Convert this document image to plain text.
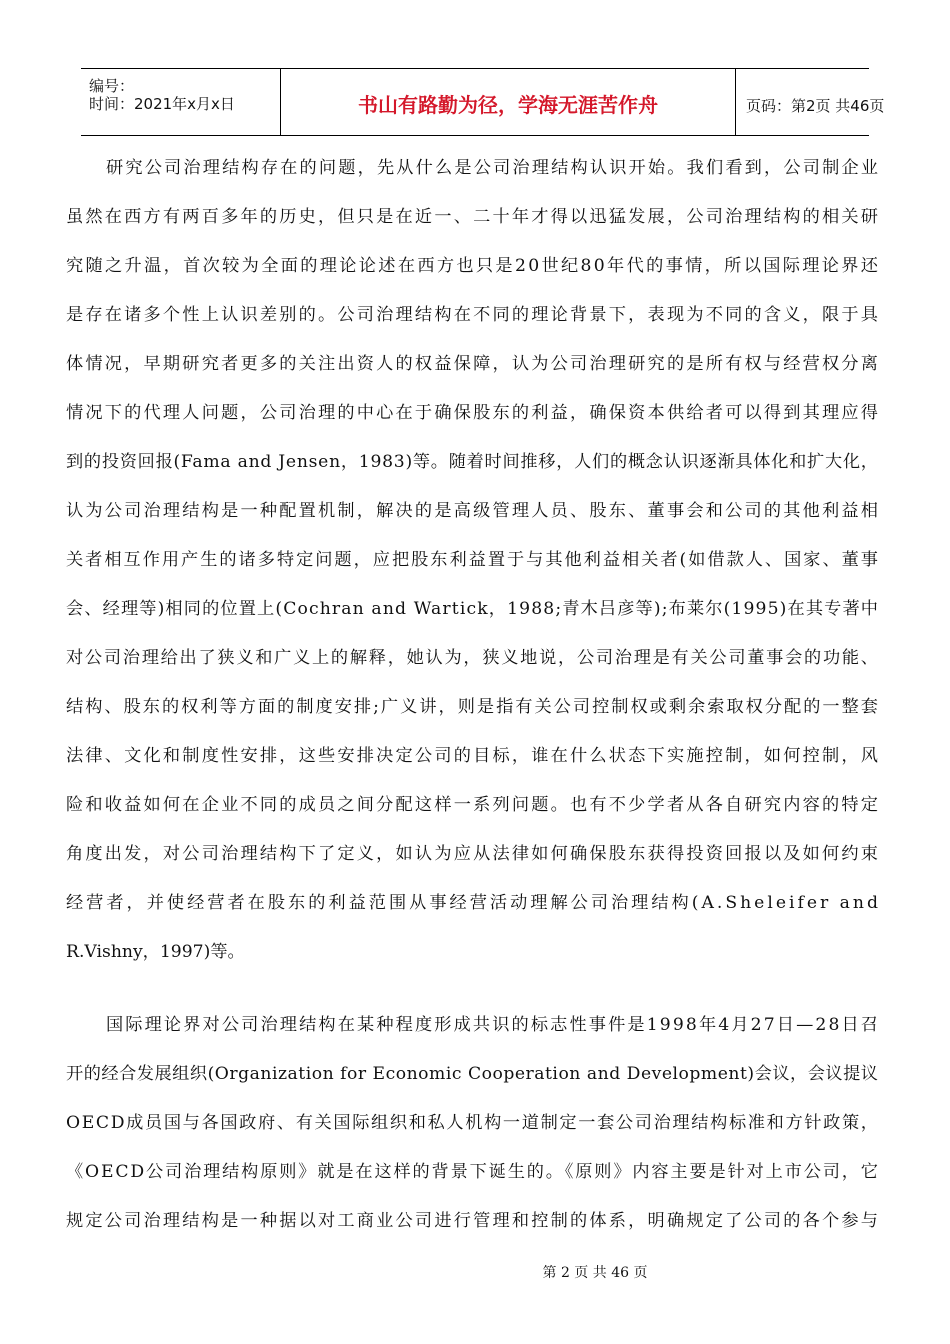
编号：
时间：2021年x月x日	书山有路勤为径，学海无涯苦作舟	页码：第2页 共46页
研究公司治理结构存在的问题，先从什么是公司治理结构认识开始。我们看到，公司制企业
虽然在西方有两百多年的历史，但只是在近一、二十年才得以迅猛发展，公司治理结构的相关研
究随之升温，首次较为全面的理论论述在西方也只是20世纪80年代的事情，所以国际理论界还
是存在诸多个性上认识差别的。公司治理结构在不同的理论背景下，表现为不同的含义，限于具
体情况，早期研究者更多的关注出资人的权益保障，认为公司治理研究的是所有权与经营权分离
情况下的代理人问题，公司治理的中心在于确保股东的利益，确保资本供给者可以得到其理应得
到的投资回报(Fama and Jensen，1983)等。随着时间推移，人们的概念认识逐渐具体化和扩大化，
认为公司治理结构是一种配置机制，解决的是高级管理人员、股东、董事会和公司的其他利益相
关者相互作用产生的诸多特定问题，应把股东利益置于与其他利益相关者(如借款人、国家、董事
会、经理等)相同的位置上(Cochran and Wartick，1988;青木吕彦等);布莱尔(1995)在其专著中
对公司治理给出了狭义和广义上的解释，她认为，狭义地说，公司治理是有关公司董事会的功能、
结构、股东的权利等方面的制度安排;广义讲，则是指有关公司控制权或剩余索取权分配的一整套
法律、文化和制度性安排，这些安排决定公司的目标，谁在什么状态下实施控制，如何控制，风
险和收益如何在企业不同的成员之间分配这样一系列问题。也有不少学者从各自研究内容的特定
角度出发，对公司治理结构下了定义，如认为应从法律如何确保股东获得投资回报以及如何约束
经营者，并使经营者在股东的利益范围从事经营活动理解公司治理结构(A.Sheleifer and
R.Vishny，1997)等。
国际理论界对公司治理结构在某种程度形成共识的标志性事件是1998年4月27日—28日召
开的经合发展组织(Organization for Economic Cooperation and Development)会议，会议提议
OECD成员国与各国政府、有关国际组织和私人机构一道制定一套公司治理结构标准和方针政策，
《OECD公司治理结构原则》就是在这样的背景下诞生的。《原则》内容主要是针对上市公司，它
规定公司治理结构是一种据以对工商业公司进行管理和控制的体系，明确规定了公司的各个参与
第 2 页 共 46 页
